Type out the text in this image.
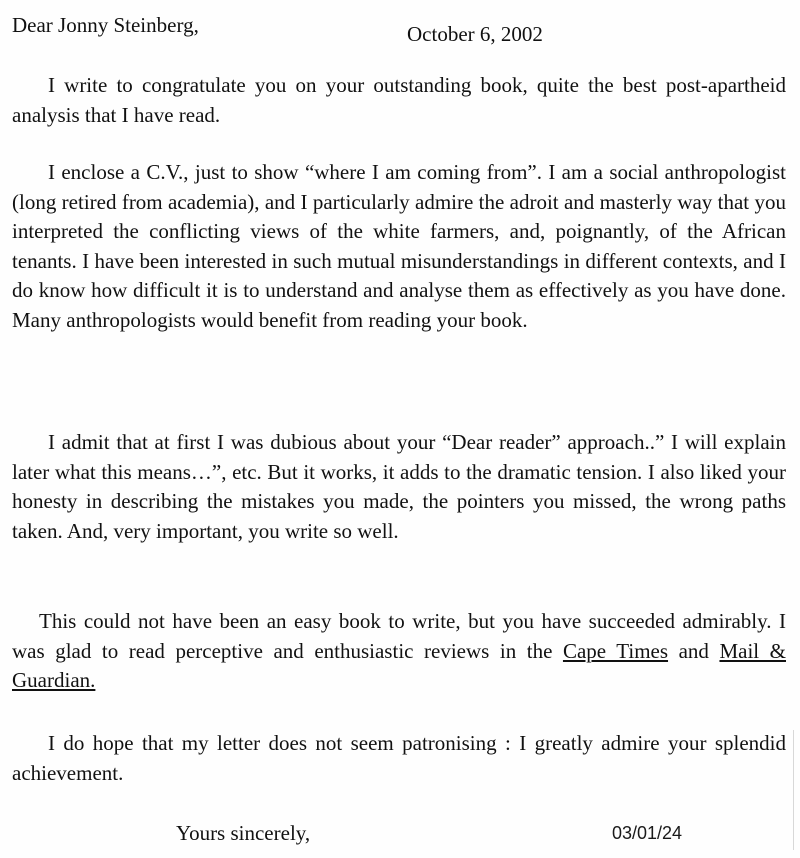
Dear Jonny Steinberg,	October 6, 2002

I write to congratulate you on your outstanding book, quite the best post-apartheid analysis that I have read.

I enclose a C.V., just to show “where I am coming from”. I am a social anthropologist (long retired from academia), and I particularly admire the adroit and masterly way that you interpreted the conflicting views of the white farmers, and, poignantly, of the African tenants. I have been interested in such mutual misunderstandings in different contexts, and I do know how difficult it is to understand and analyse them as effectively as you have done. Many anthropologists would benefit from reading your book.

I admit that at first I was dubious about your “Dear reader” approach..” I will explain later what this means…”, etc. But it works, it adds to the dramatic tension. I also liked your honesty in describing the mistakes you made, the pointers you missed, the wrong paths taken. And, very important, you write so well.

This could not have been an easy book to write, but you have succeeded admirably. I was glad to read perceptive and enthusiastic reviews in the Cape Times and Mail & Guardian.

I do hope that my letter does not seem patronising : I greatly admire your splendid achievement.

Yours sincerely,	03/01/24
